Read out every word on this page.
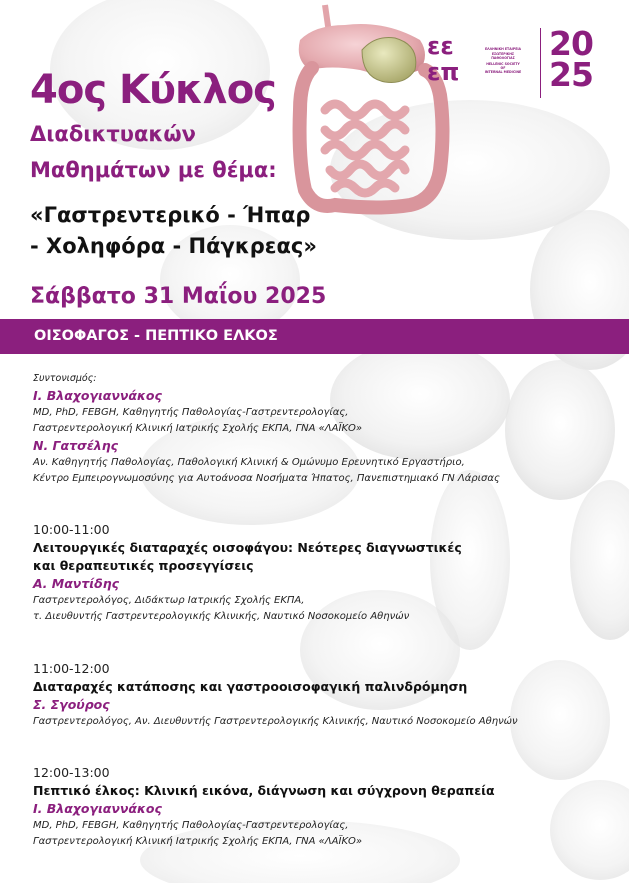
εε
επ
ΕΛΛΗΝΙΚΗ ΕΤΑΙΡΕΙΑ
ΕΣΩΤΕΡΙΚΗΣ
ΠΑΘΟΛΟΓΙΑΣ
HELLENIC SOCIETY
OF
INTERNAL MEDICINE
20
25
4ος Κύκλος
Διαδικτυακών
Μαθημάτων με θέμα:
«Γαστρεντερικό - Ήπαρ
- Χοληφόρα - Πάγκρεας»
Σάββατο 31 Μαΐου 2025
ΟΙΣΟΦΑΓΟΣ - ΠΕΠΤΙΚΟ ΕΛΚΟΣ
Συντονισμός:
Ι. Βλαχογιαννάκος
MD, PhD, FEBGH, Καθηγητής Παθολογίας-Γαστρεντερολογίας,
Γαστρεντερολογική Κλινική Ιατρικής Σχολής ΕΚΠΑ, ΓΝΑ «ΛΑΪΚΟ»
Ν. Γατσέλης
Αν. Καθηγητής Παθολογίας, Παθολογική Κλινική & Ομώνυμο Ερευνητικό Εργαστήριο,
Κέντρο Εμπειρογνωμοσύνης για Αυτοάνοσα Νοσήματα Ήπατος, Πανεπιστημιακό ΓΝ Λάρισας
10:00-11:00
Λειτουργικές διαταραχές οισοφάγου: Νεότερες διαγνωστικές
και θεραπευτικές προσεγγίσεις
Α. Μαντίδης
Γαστρεντερολόγος, Διδάκτωρ Ιατρικής Σχολής ΕΚΠΑ,
τ. Διευθυντής Γαστρεντερολογικής Κλινικής, Ναυτικό Νοσοκομείο Αθηνών
11:00-12:00
Διαταραχές κατάποσης και γαστροοισοφαγική παλινδρόμηση
Σ. Σγούρος
Γαστρεντερολόγος, Αν. Διευθυντής Γαστρεντερολογικής Κλινικής, Ναυτικό Νοσοκομείο Αθηνών
12:00-13:00
Πεπτικό έλκος: Κλινική εικόνα, διάγνωση και σύγχρονη θεραπεία
Ι. Βλαχογιαννάκος
MD, PhD, FEBGH, Καθηγητής Παθολογίας-Γαστρεντερολογίας,
Γαστρεντερολογική Κλινική Ιατρικής Σχολής ΕΚΠΑ, ΓΝΑ «ΛΑΪΚΟ»
